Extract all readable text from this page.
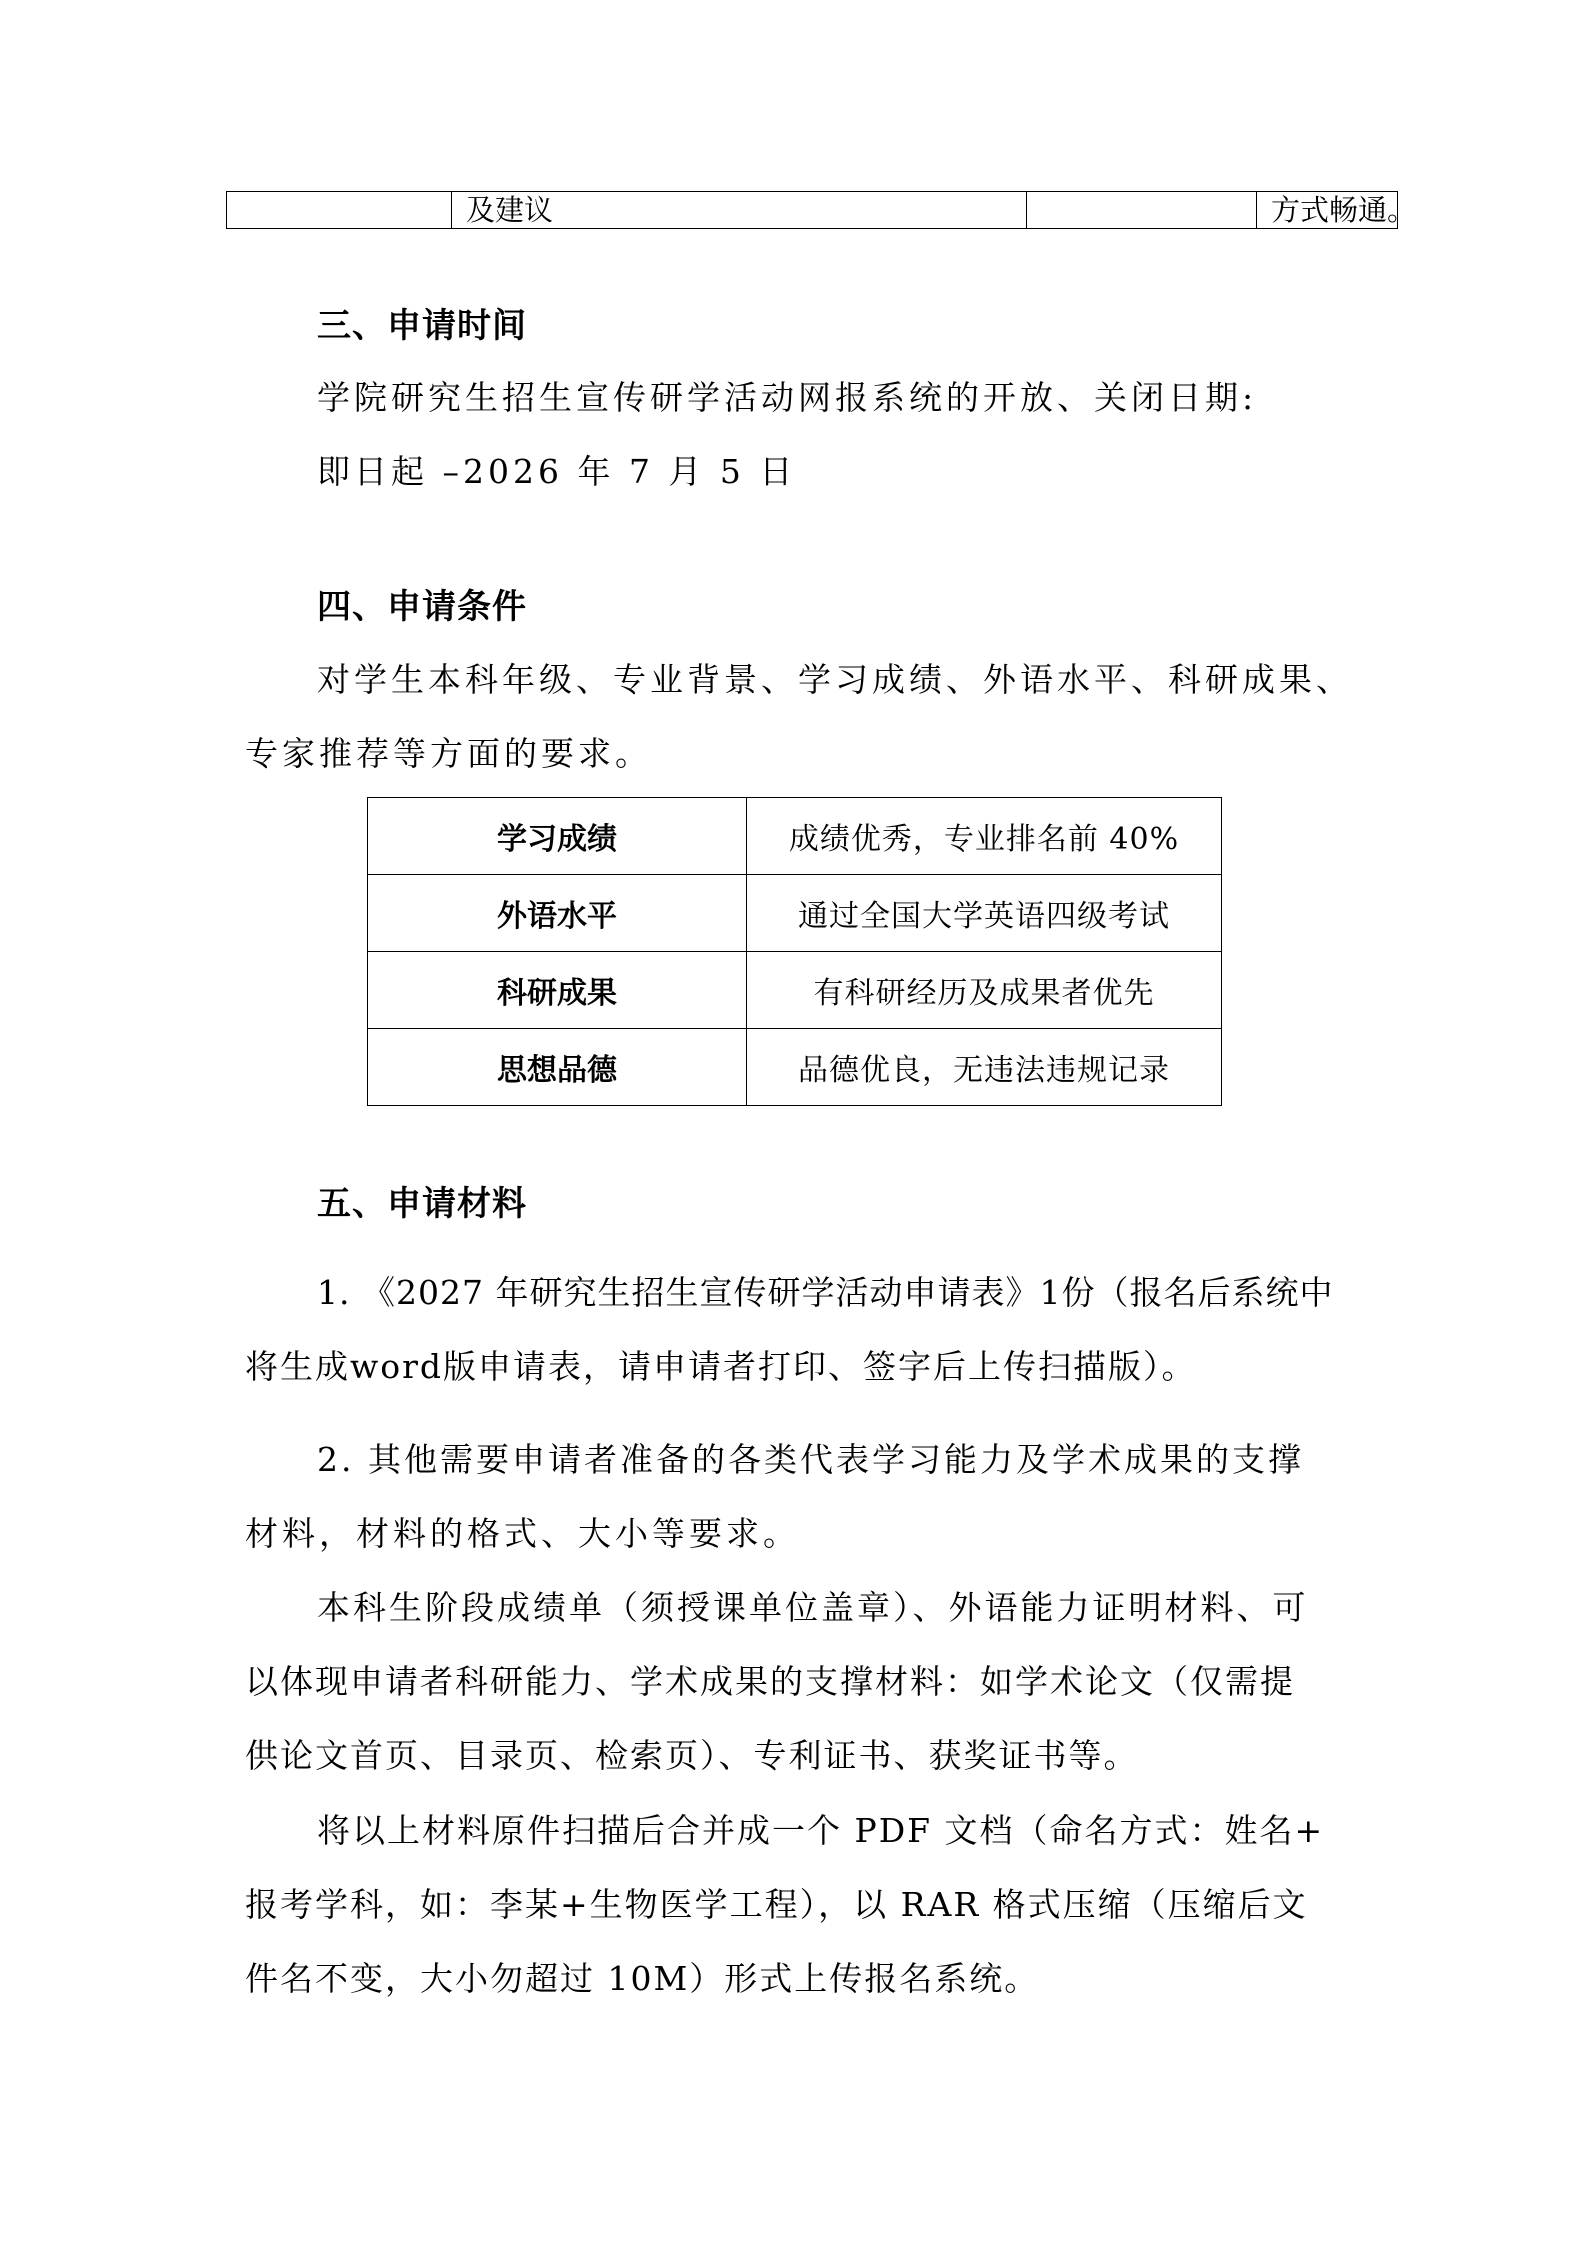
	及建议		方式畅通。
三、申请时间
学院研究生招生宣传研学活动网报系统的开放、关闭日期:
即日起 –2026 年 7 月 5 日
四、申请条件
对学生本科年级、专业背景、学习成绩、外语水平、科研成果、
专家推荐等方面的要求。
学习成绩	成绩优秀，专业排名前 40%
外语水平	通过全国大学英语四级考试
科研成果	有科研经历及成果者优先
思想品德	品德优良，无违法违规记录
五、申请材料
1. 《2027 年研究生招生宣传研学活动申请表》1份（报名后系统中
将生成word版申请表，请申请者打印、签字后上传扫描版）。
2. 其他需要申请者准备的各类代表学习能力及学术成果的支撑
材料，材料的格式、大小等要求。
本科生阶段成绩单（须授课单位盖章）、外语能力证明材料、可
以体现申请者科研能力、学术成果的支撑材料：如学术论文（仅需提
供论文首页、目录页、检索页）、专利证书、获奖证书等。
将以上材料原件扫描后合并成一个 PDF 文档（命名方式：姓名+
报考学科，如：李某+生物医学工程），以 RAR 格式压缩（压缩后文
件名不变，大小勿超过 10M）形式上传报名系统。
